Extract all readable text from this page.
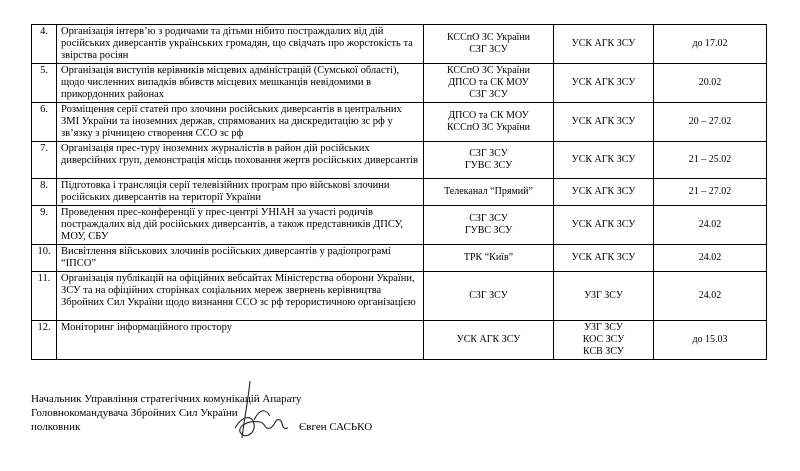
4.	Організація інтерв’ю з родичами та дітьми нібито постраждалих від дій російських диверсантів українських громадян, що свідчать про жорстокість та звірства росіян	КССпО ЗС України
СЗГ ЗСУ	УСК АГК ЗСУ	до 17.02
5.	Організація виступів керівників місцевих адміністрацій (Сумської області), щодо численних випадків вбивств місцевих мешканців невідомими в прикордонних районах	КССпО ЗС України
ДПСО та СК МОУ
СЗГ ЗСУ	УСК АГК ЗСУ	20.02
6.	Розміщення серії статей про злочини російських диверсантів в центральних ЗМІ України та іноземних держав, спрямованих на дискредитацію зс рф у зв’язку з річницею створення ССО зс рф	ДПСО та СК МОУ
КССпО ЗС України	УСК АГК ЗСУ	20 – 27.02
7.	Організація прес-туру іноземних журналістів в район дій російських диверсійних груп, демонстрація місць поховання жертв російських диверсантів	СЗГ ЗСУ
ГУВС ЗСУ	УСК АГК ЗСУ	21 – 25.02
8.	Підготовка і трансляція серії телевізійних програм про військові злочини російських диверсантів на території України	Телеканал “Прямий”	УСК АГК ЗСУ	21 – 27.02
9.	Проведення прес-конференції у прес-центрі УНІАН за участі родичів постраждалих від дій російських диверсантів, а також представників ДПСУ, МОУ, СБУ	СЗГ ЗСУ
ГУВС ЗСУ	УСК АГК ЗСУ	24.02
10.	Висвітлення військових злочинів російських диверсантів у радіопрограмі “ІПСО”	ТРК “Київ”	УСК АГК ЗСУ	24.02
11.	Організація публікацій на офіційних вебсайтах Міністерства оборони України, ЗСУ та на офіційних сторінках соціальних мереж звернень керівництва Збройних Сил України щодо визнання ССО зс рф терористичною організацією	СЗГ ЗСУ	УЗГ ЗСУ	24.02
12.	Моніторинг інформаційного простору	УСК АГК ЗСУ	УЗГ ЗСУ
КОС ЗСУ
КСВ ЗСУ	до 15.03
Начальник Управління стратегічних комунікацій Апарату
Головнокомандувача Збройних Сил України
полковник	Євген САСЬКО
